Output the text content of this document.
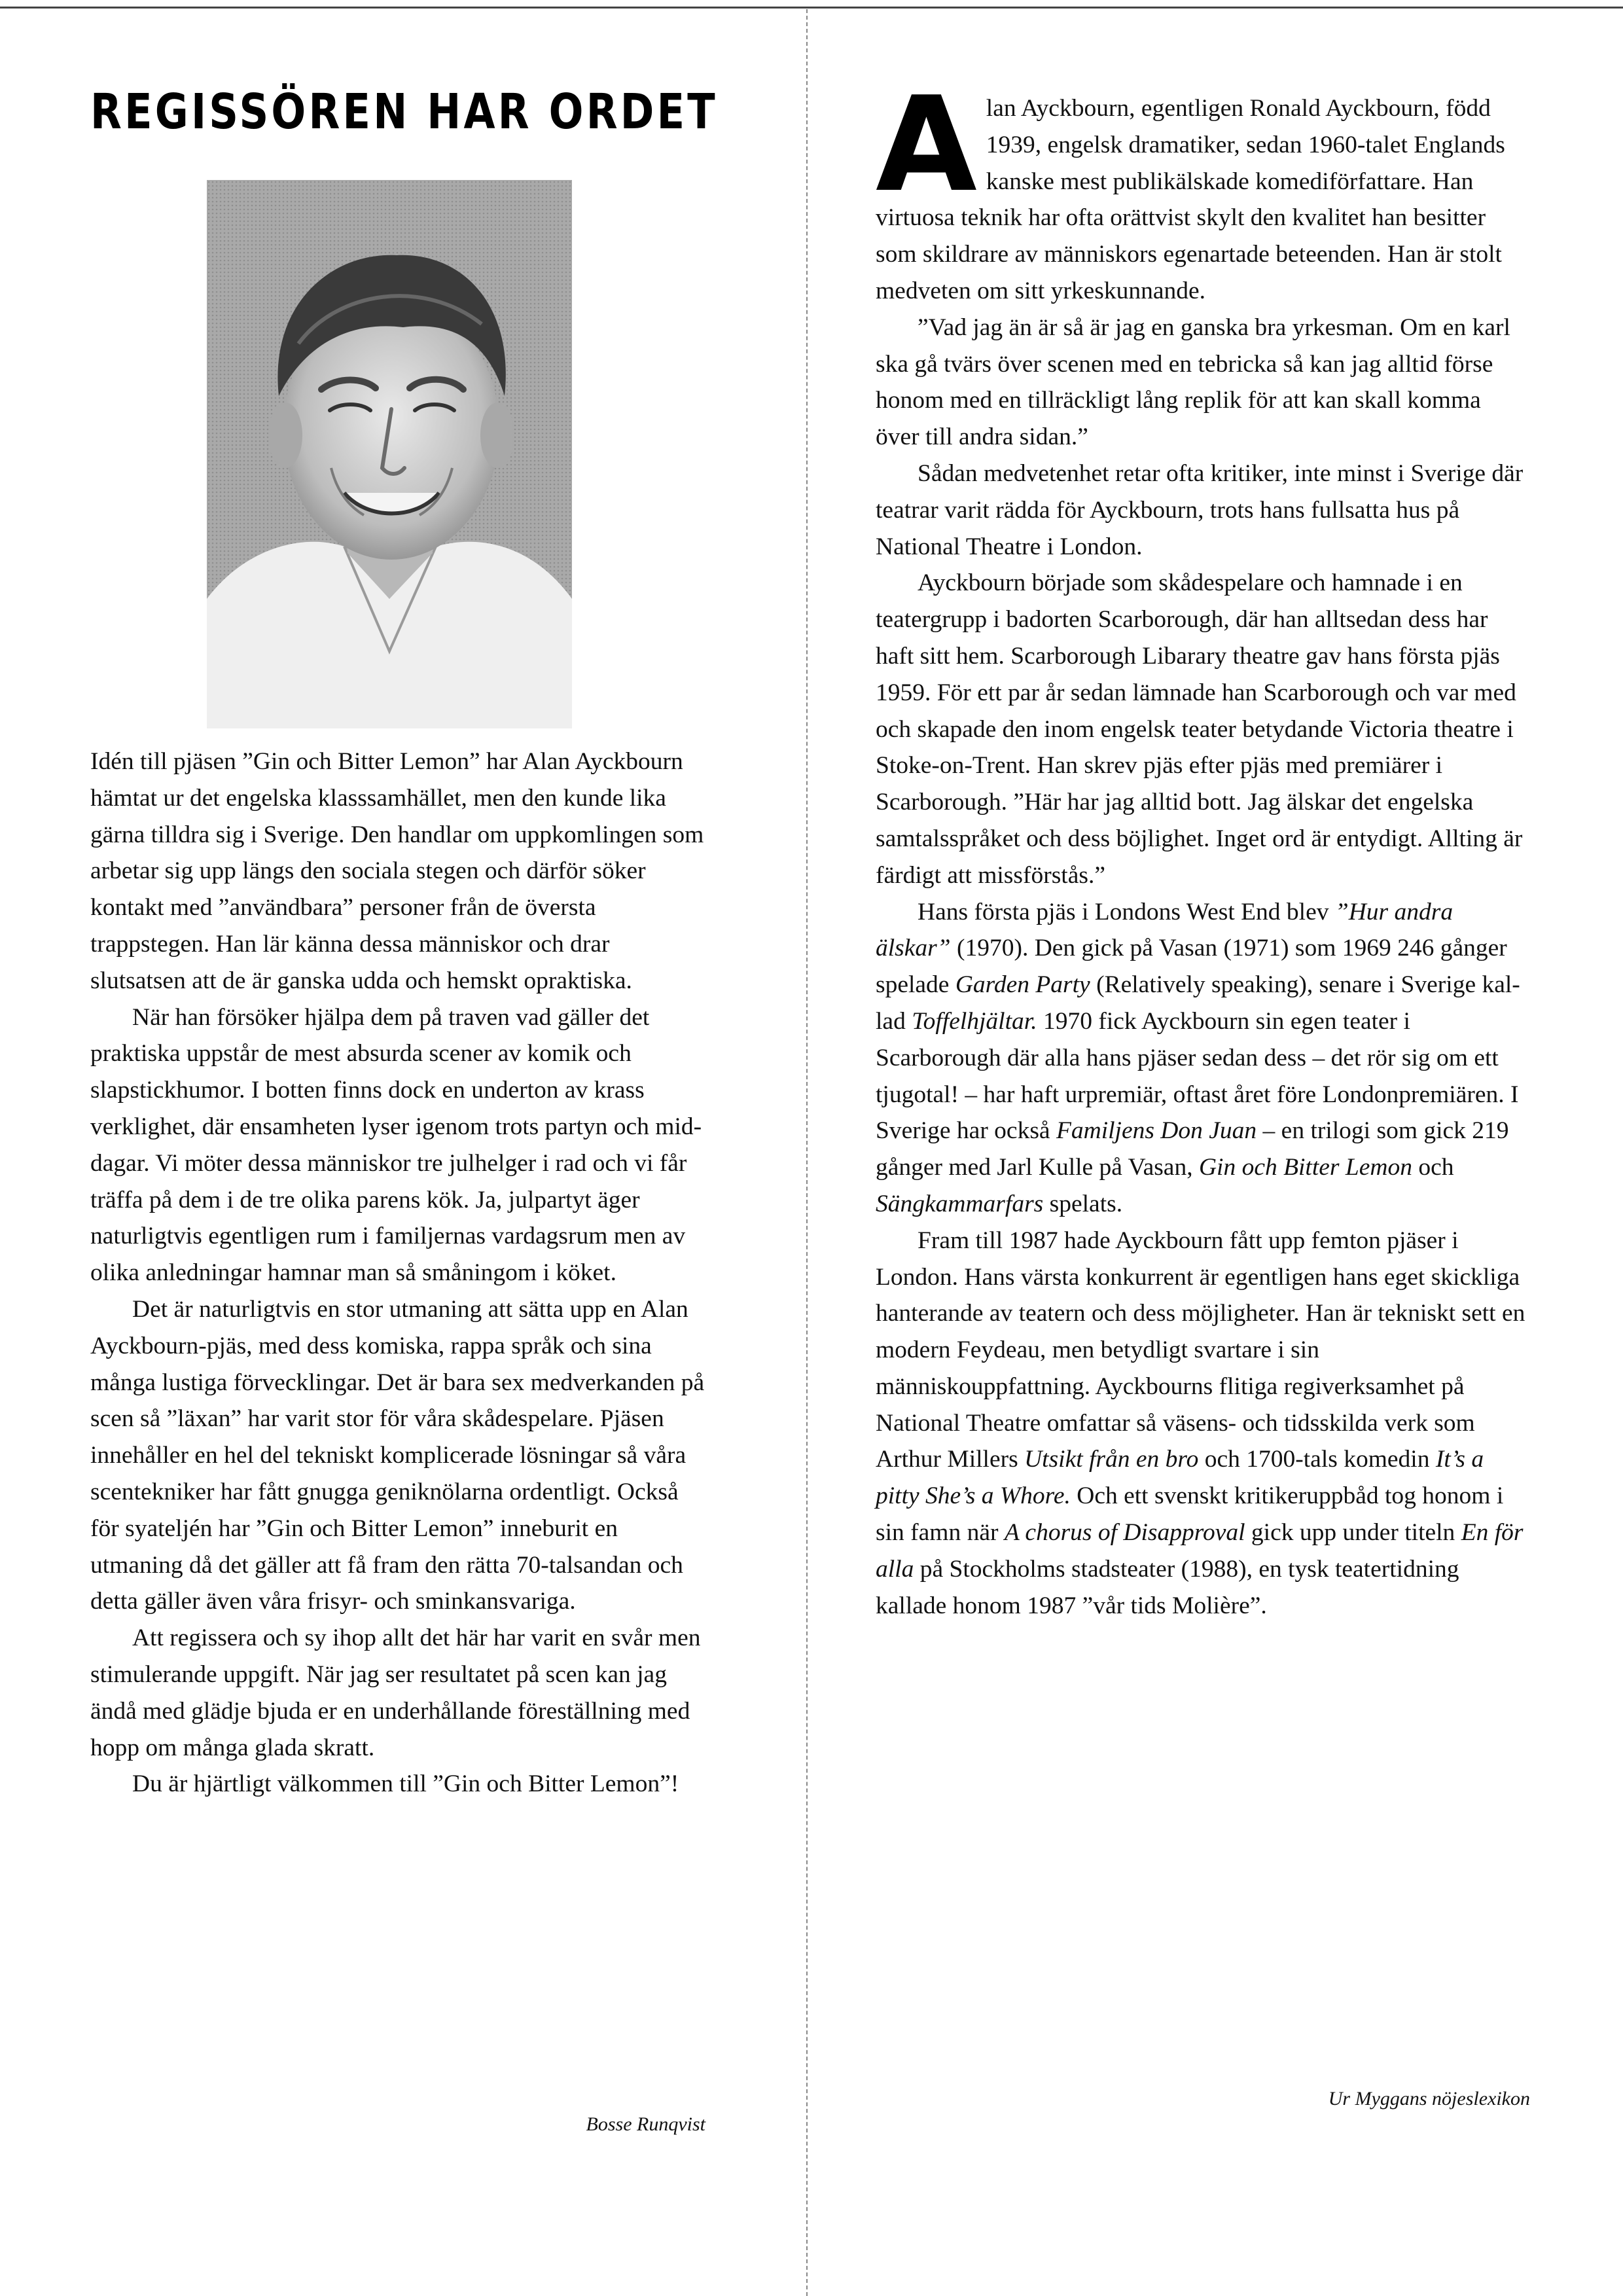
REGISSÖREN HAR ORDET

Idén till pjäsen ”Gin och Bitter Lemon” har Alan Ayckbourn hämtat ur det engelska klasssamhället, men den kunde lika gärna tilldra sig i Sverige. Den handlar om uppkomlingen som arbetar sig upp längs den sociala stegen och därför söker kontakt med ”användbara” personer från de översta trappstegen. Han lär känna dessa människor och drar slutsatsen att de är ganska udda och hemskt opraktiska.

När han försöker hjälpa dem på traven vad gäller det praktiska uppstår de mest absurda scener av komik och slapstickhumor. I botten finns dock en underton av krass verklighet, där ensamheten lyser igenom trots partyn och middagar. Vi möter dessa människor tre julhelger i rad och vi får träffa på dem i de tre olika parens kök. Ja, julpartyt äger naturligtvis egentligen rum i familjernas vardagsrum men av olika anledningar hamnar man så småningom i köket.

Det är naturligtvis en stor utmaning att sätta upp en Alan Ayckbourn-pjäs, med dess komiska, rappa språk och sina många lustiga förvecklingar. Det är bara sex medverkanden på scen så ”läxan” har varit stor för våra skådespelare. Pjäsen innehåller en hel del tekniskt komplicerade lösningar så våra scentekniker har fått gnugga geniknölarna ordentligt. Också för syateljén har ”Gin och Bitter Lemon” inneburit en utmaning då det gäller att få fram den rätta 70-talsandan och detta gäller även våra frisyr- och sminkansvariga.

Att regissera och sy ihop allt det här har varit en svår men stimulerande uppgift. När jag ser resultatet på scen kan jag ändå med glädje bjuda er en underhållande föreställning med hopp om många glada skratt.

Du är hjärtligt välkommen till ”Gin och Bitter Lemon”!

Bosse Runqvist

Alan Ayckbourn, egentligen Ronald Ayckbourn, född 1939, engelsk dramatiker, sedan 1960-talet Englands kanske mest publikälskade komediförfattare. Han virtuosa teknik har ofta orättvist skylt den kvalitet han besitter som skildrare av människors egenartade beteenden. Han är stolt medveten om sitt yrkeskunnande.

”Vad jag än är så är jag en ganska bra yrkesman. Om en karl ska gå tvärs över scenen med en tebricka så kan jag alltid förse honom med en tillräckligt lång replik för att kan skall komma över till andra sidan.”

Sådan medvetenhet retar ofta kritiker, inte minst i Sverige där teatrar varit rädda för Ayckbourn, trots hans fullsatta hus på National Theatre i London.

Ayckbourn började som skådespelare och hamnade i en teatergrupp i badorten Scarborough, där han alltsedan dess har haft sitt hem. Scarborough Libarary theatre gav hans första pjäs 1959. För ett par år sedan lämnade han Scarborough och var med och skapade den inom engelsk teater betydande Victoria theatre i Stoke-on-Trent. Han skrev pjäs efter pjäs med premiärer i Scarborough. ”Här har jag alltid bott. Jag älskar det engelska samtalsspråket och dess böjlighet. Inget ord är entydigt. Allting är färdigt att missförstås.”

Hans första pjäs i Londons West End blev ”Hur andra älskar” (1970). Den gick på Vasan (1971) som 1969 246 gånger spelade Garden Party (Relatively speaking), senare i Sverige kallad Toffelhjältar. 1970 fick Ayckbourn sin egen teater i Scarborough där alla hans pjäser sedan dess – det rör sig om ett tjugotal! – har haft urpremiär, oftast året före Londonpremiären. I Sverige har också Familjens Don Juan – en trilogi som gick 219 gånger med Jarl Kulle på Vasan, Gin och Bitter Lemon och Sängkammarfars spelats.

Fram till 1987 hade Ayckbourn fått upp femton pjäser i London. Hans värsta konkurrent är egentligen hans eget skickliga hanterande av teatern och dess möjligheter. Han är tekniskt sett en modern Feydeau, men betydligt svartare i sin människouppfattning. Ayckbourns flitiga regiverksamhet på National Theatre omfattar så väsens- och tidsskilda verk som Arthur Millers Utsikt från en bro och 1700-tals komedin It’s a pitty She’s a Whore. Och ett svenskt kritikeruppbåd tog honom i sin famn när A chorus of Disapproval gick upp under titeln En för alla på Stockholms stadsteater (1988), en tysk teatertidning kallade honom 1987 ”vår tids Molière”.

Ur Myggans nöjeslexikon
